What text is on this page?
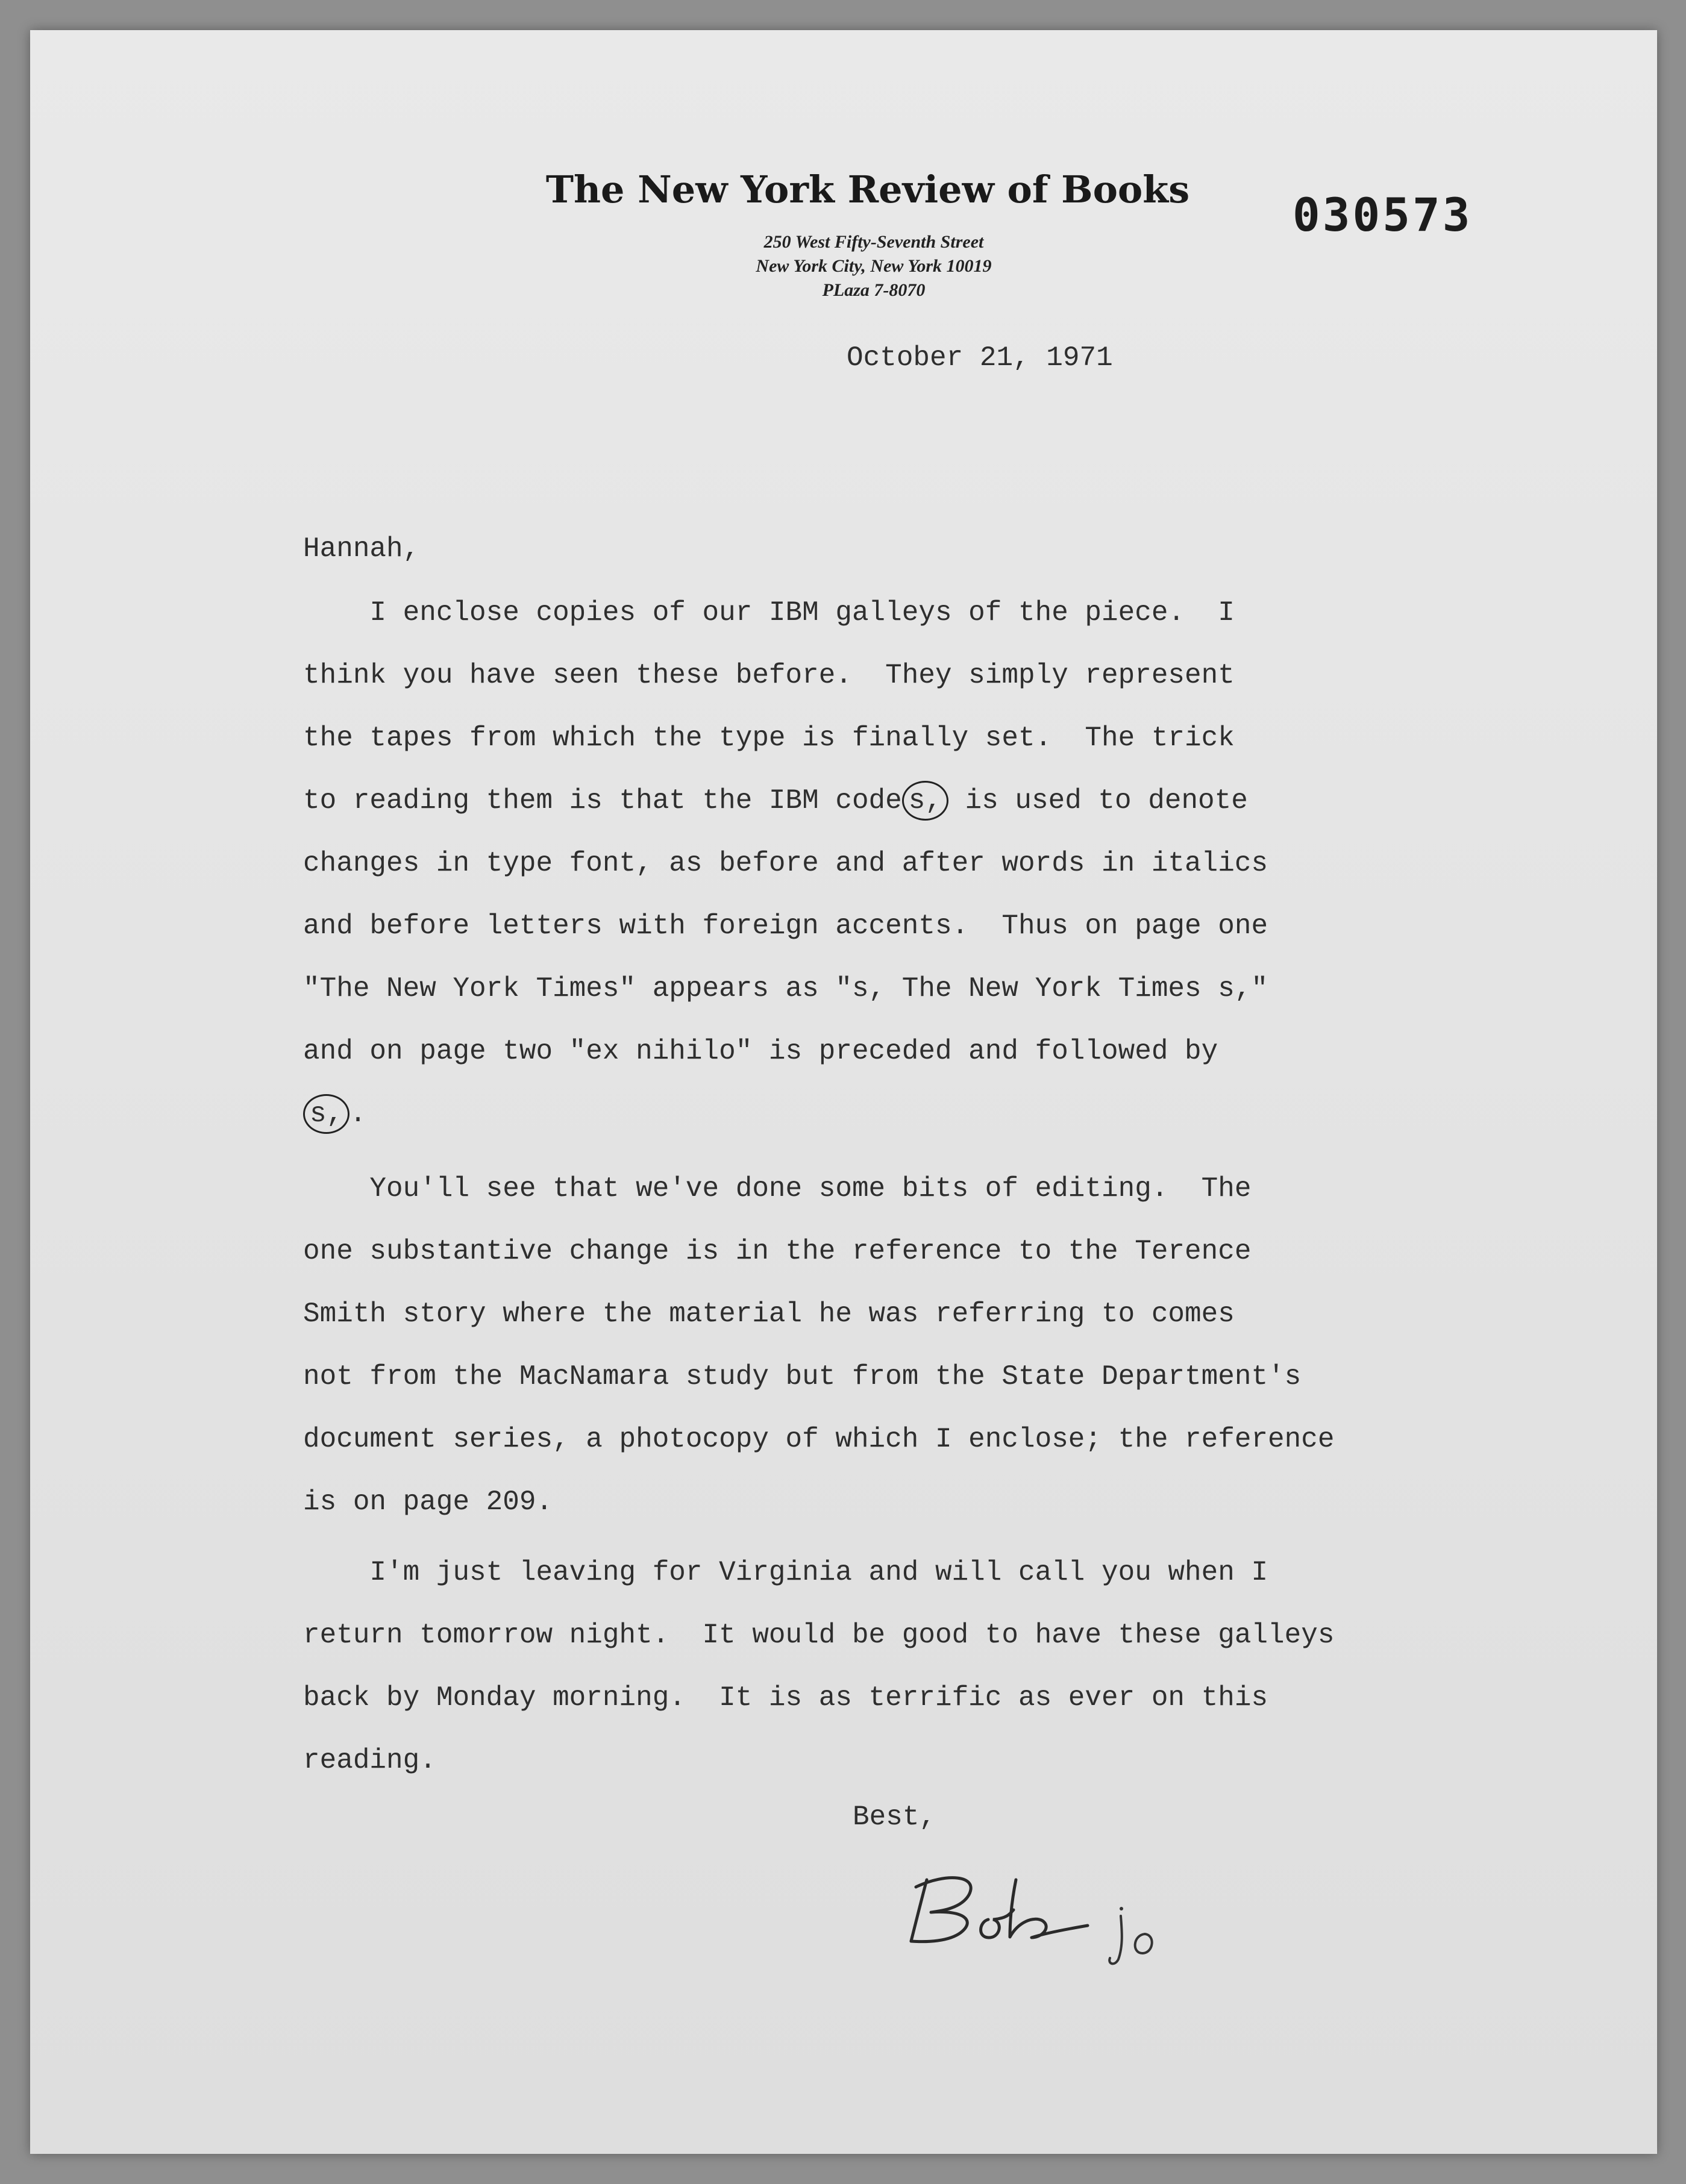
The New York Review of Books
250 West Fifty-Seventh Street
New York City, New York 10019
PLaza 7-8070
030573
October 21, 1971
Hannah,
I enclose copies of our IBM galleys of the piece.  I
think you have seen these before.  They simply represent
the tapes from which the type is finally set.  The trick
to reading them is that the IBM code s, is used to denote
changes in type font, as before and after words in italics
and before letters with foreign accents.  Thus on page one
"The New York Times" appears as "s, The New York Times s,"
and on page two "ex nihilo" is preceded and followed by
s, .
You'll see that we've done some bits of editing.  The
one substantive change is in the reference to the Terence
Smith story where the material he was referring to comes
not from the MacNamara study but from the State Department's
document series, a photocopy of which I enclose; the reference
is on page 209.
I'm just leaving for Virginia and will call you when I
return tomorrow night.  It would be good to have these galleys
back by Monday morning.  It is as terrific as ever on this
reading.
Best,
